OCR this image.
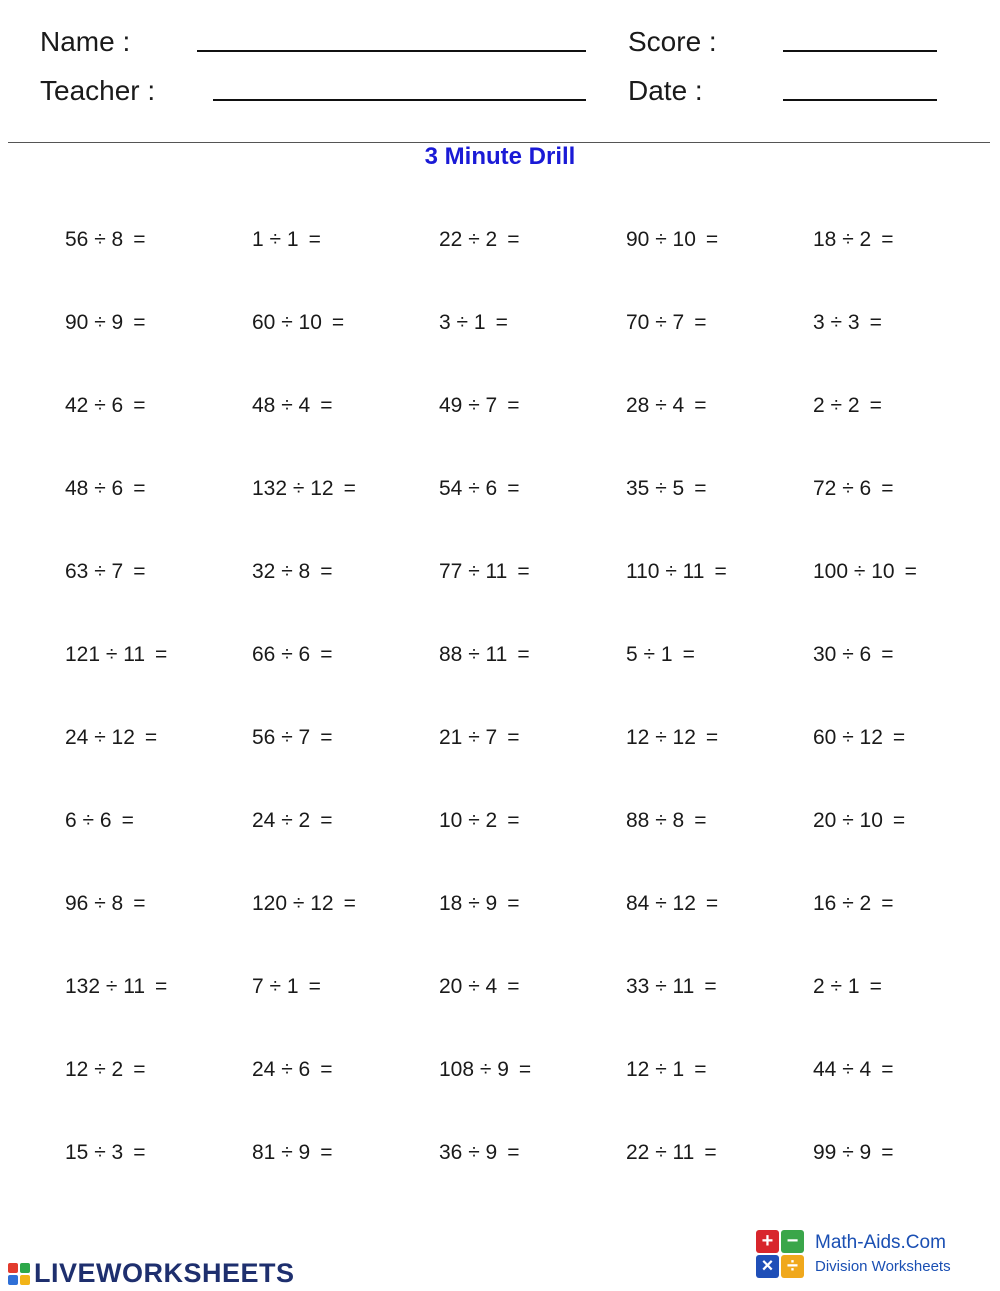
Name :	Score :
Teacher :	Date :
3 Minute Drill
56 ÷ 8 =	1 ÷ 1 =	22 ÷ 2 =	90 ÷ 10 =	18 ÷ 2 =
90 ÷ 9 =	60 ÷ 10 =	3 ÷ 1 =	70 ÷ 7 =	3 ÷ 3 =
42 ÷ 6 =	48 ÷ 4 =	49 ÷ 7 =	28 ÷ 4 =	2 ÷ 2 =
48 ÷ 6 =	132 ÷ 12 =	54 ÷ 6 =	35 ÷ 5 =	72 ÷ 6 =
63 ÷ 7 =	32 ÷ 8 =	77 ÷ 11 =	110 ÷ 11 =	100 ÷ 10 =
121 ÷ 11 =	66 ÷ 6 =	88 ÷ 11 =	5 ÷ 1 =	30 ÷ 6 =
24 ÷ 12 =	56 ÷ 7 =	21 ÷ 7 =	12 ÷ 12 =	60 ÷ 12 =
6 ÷ 6 =	24 ÷ 2 =	10 ÷ 2 =	88 ÷ 8 =	20 ÷ 10 =
96 ÷ 8 =	120 ÷ 12 =	18 ÷ 9 =	84 ÷ 12 =	16 ÷ 2 =
132 ÷ 11 =	7 ÷ 1 =	20 ÷ 4 =	33 ÷ 11 =	2 ÷ 1 =
12 ÷ 2 =	24 ÷ 6 =	108 ÷ 9 =	12 ÷ 1 =	44 ÷ 4 =
15 ÷ 3 =	81 ÷ 9 =	36 ÷ 9 =	22 ÷ 11 =	99 ÷ 9 =
LIVEWORKSHEETS
+ −
× ÷
Math-Aids.Com
Division Worksheets
